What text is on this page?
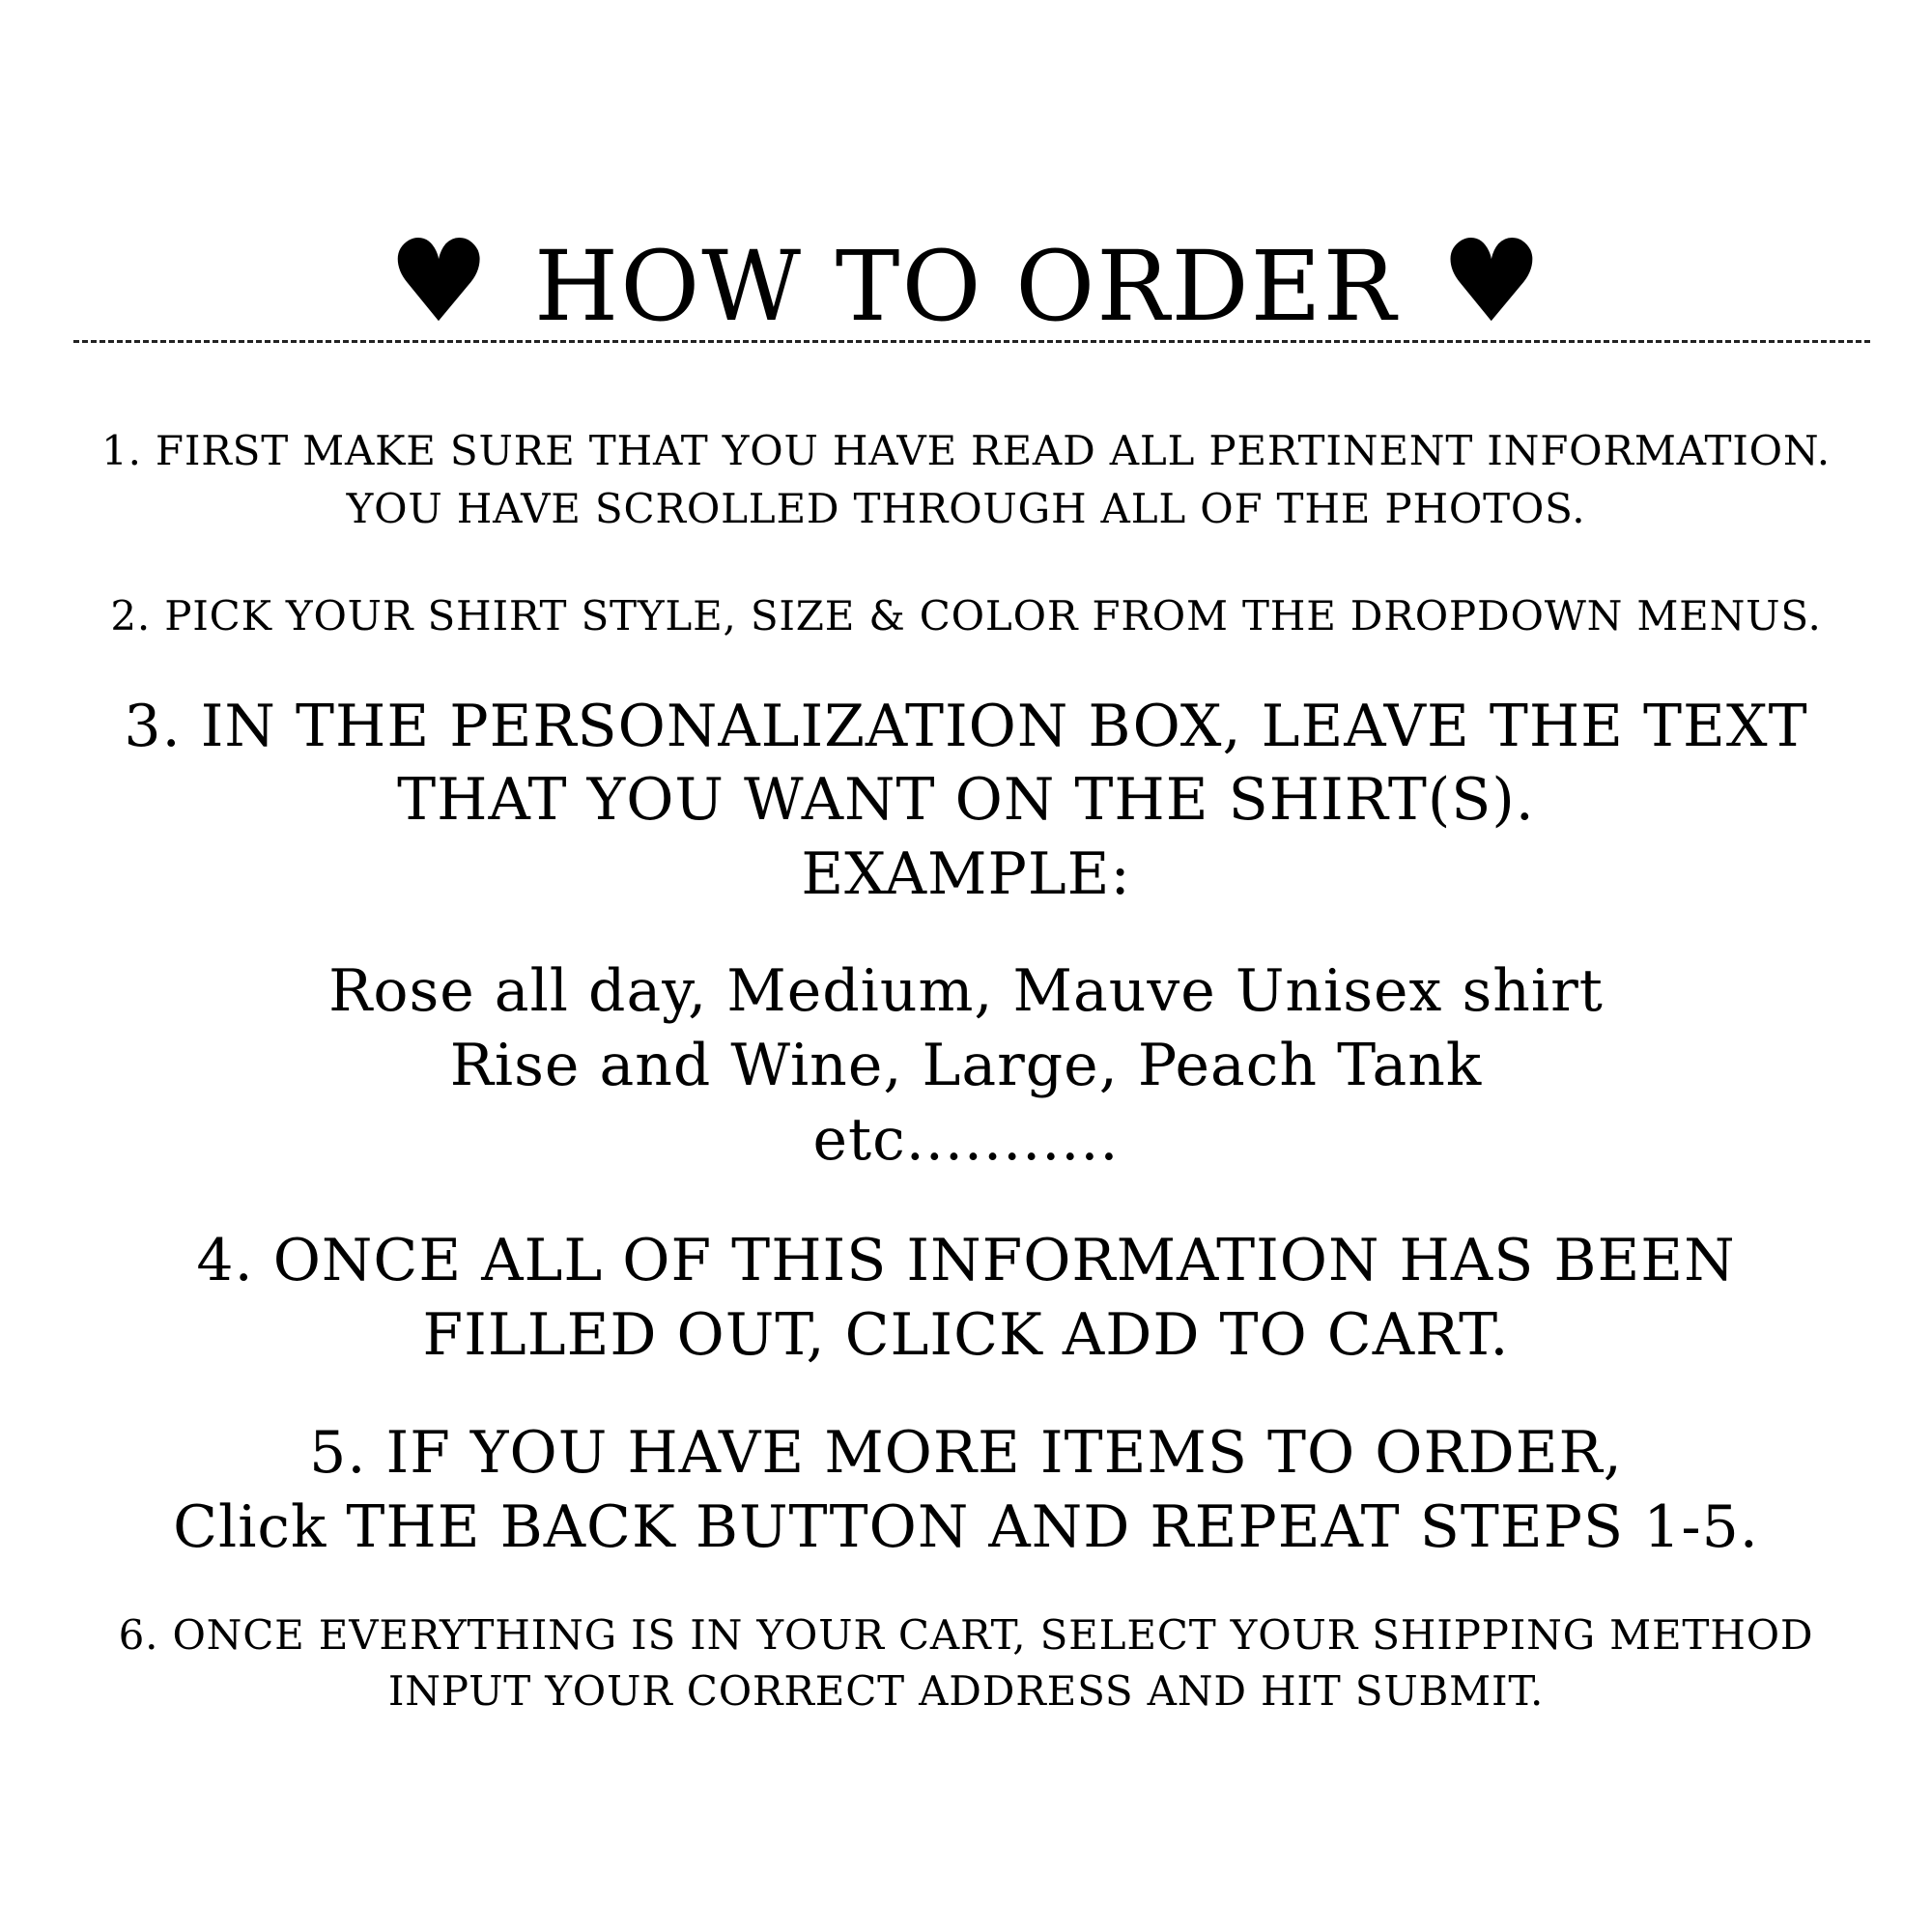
♥ HOW TO ORDER ♥
1. FIRST MAKE SURE THAT YOU HAVE READ ALL PERTINENT INFORMATION.
YOU HAVE SCROLLED THROUGH ALL OF THE PHOTOS.
2. PICK YOUR SHIRT STYLE, SIZE & COLOR FROM THE DROPDOWN MENUS.
3. IN THE PERSONALIZATION BOX, LEAVE THE TEXT
THAT YOU WANT ON THE SHIRT(S).
EXAMPLE:
Rose all day, Medium, Mauve Unisex shirt
Rise and Wine, Large, Peach Tank
etc...........
4. ONCE ALL OF THIS INFORMATION HAS BEEN
FILLED OUT, CLICK ADD TO CART.
5. IF YOU HAVE MORE ITEMS TO ORDER,
Click THE BACK BUTTON AND REPEAT STEPS 1-5.
6. ONCE EVERYTHING IS IN YOUR CART, SELECT YOUR SHIPPING METHOD
INPUT YOUR CORRECT ADDRESS AND HIT SUBMIT.
